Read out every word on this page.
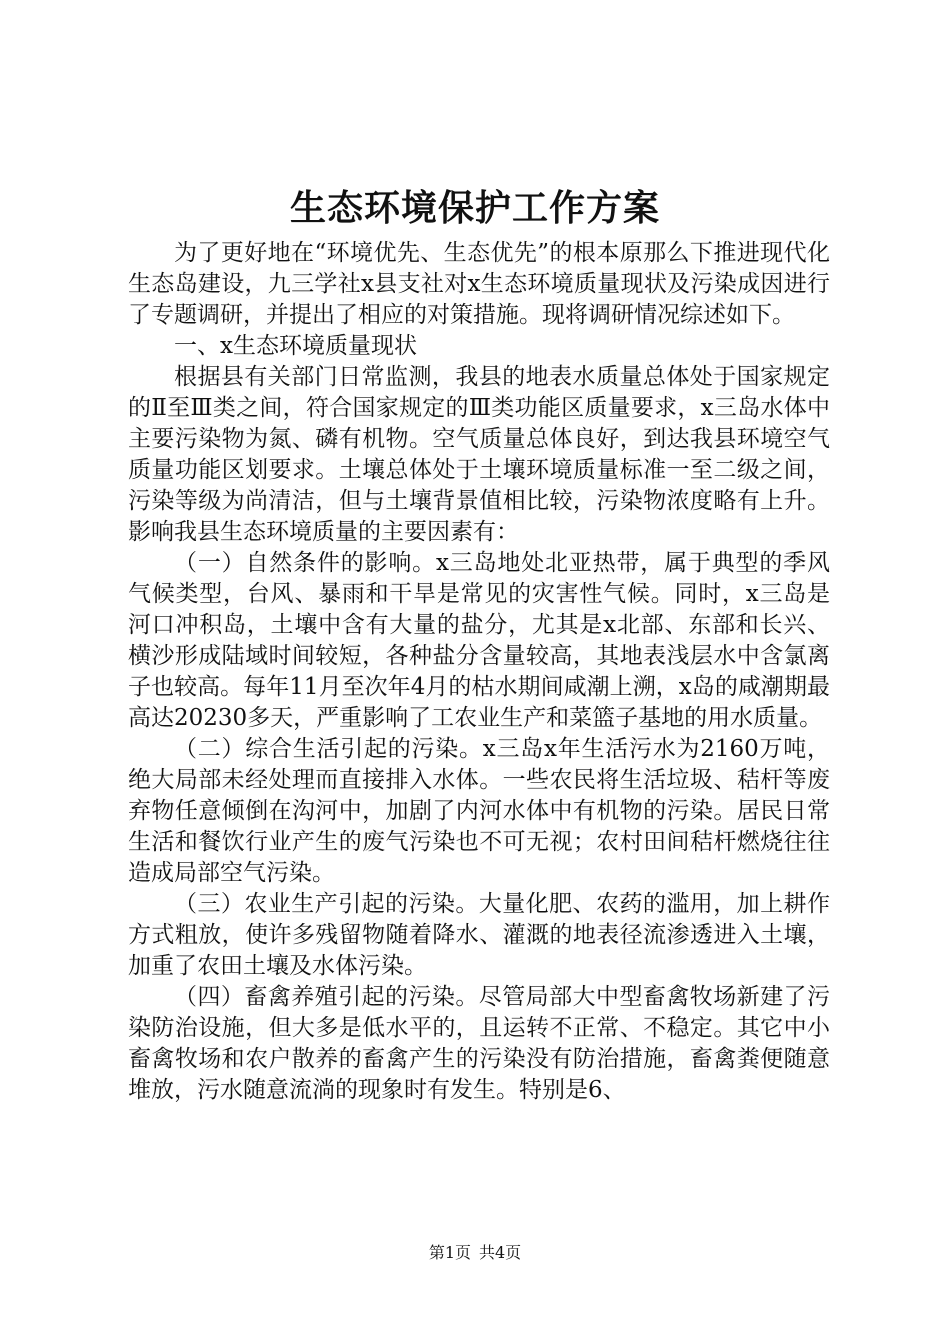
生态环境保护工作方案

为了更好地在“环境优先、生态优先”的根本原那么下推进现代化生态岛建设，九三学社x县支社对x生态环境质量现状及污染成因进行了专题调研，并提出了相应的对策措施。现将调研情况综述如下。

一、x生态环境质量现状

根据县有关部门日常监测，我县的地表水质量总体处于国家规定的Ⅱ至Ⅲ类之间，符合国家规定的Ⅲ类功能区质量要求，x三岛水体中主要污染物为氮、磷有机物。空气质量总体良好，到达我县环境空气质量功能区划要求。土壤总体处于土壤环境质量标准一至二级之间，污染等级为尚清洁，但与土壤背景值相比较，污染物浓度略有上升。影响我县生态环境质量的主要因素有：

（一）自然条件的影响。x三岛地处北亚热带，属于典型的季风气候类型，台风、暴雨和干旱是常见的灾害性气候。同时，x三岛是河口冲积岛，土壤中含有大量的盐分，尤其是x北部、东部和长兴、横沙形成陆域时间较短，各种盐分含量较高，其地表浅层水中含氯离子也较高。每年11月至次年4月的枯水期间咸潮上溯，x岛的咸潮期最高达20230多天，严重影响了工农业生产和菜篮子基地的用水质量。

（二）综合生活引起的污染。x三岛x年生活污水为2160万吨，绝大局部未经处理而直接排入水体。一些农民将生活垃圾、秸杆等废弃物任意倾倒在沟河中，加剧了内河水体中有机物的污染。居民日常生活和餐饮行业产生的废气污染也不可无视；农村田间秸杆燃烧往往造成局部空气污染。

（三）农业生产引起的污染。大量化肥、农药的滥用，加上耕作方式粗放，使许多残留物随着降水、灌溉的地表径流渗透进入土壤，加重了农田土壤及水体污染。

（四）畜禽养殖引起的污染。尽管局部大中型畜禽牧场新建了污染防治设施，但大多是低水平的，且运转不正常、不稳定。其它中小畜禽牧场和农户散养的畜禽产生的污染没有防治措施，畜禽粪便随意堆放，污水随意流淌的现象时有发生。特别是6、

第1页 共4页
